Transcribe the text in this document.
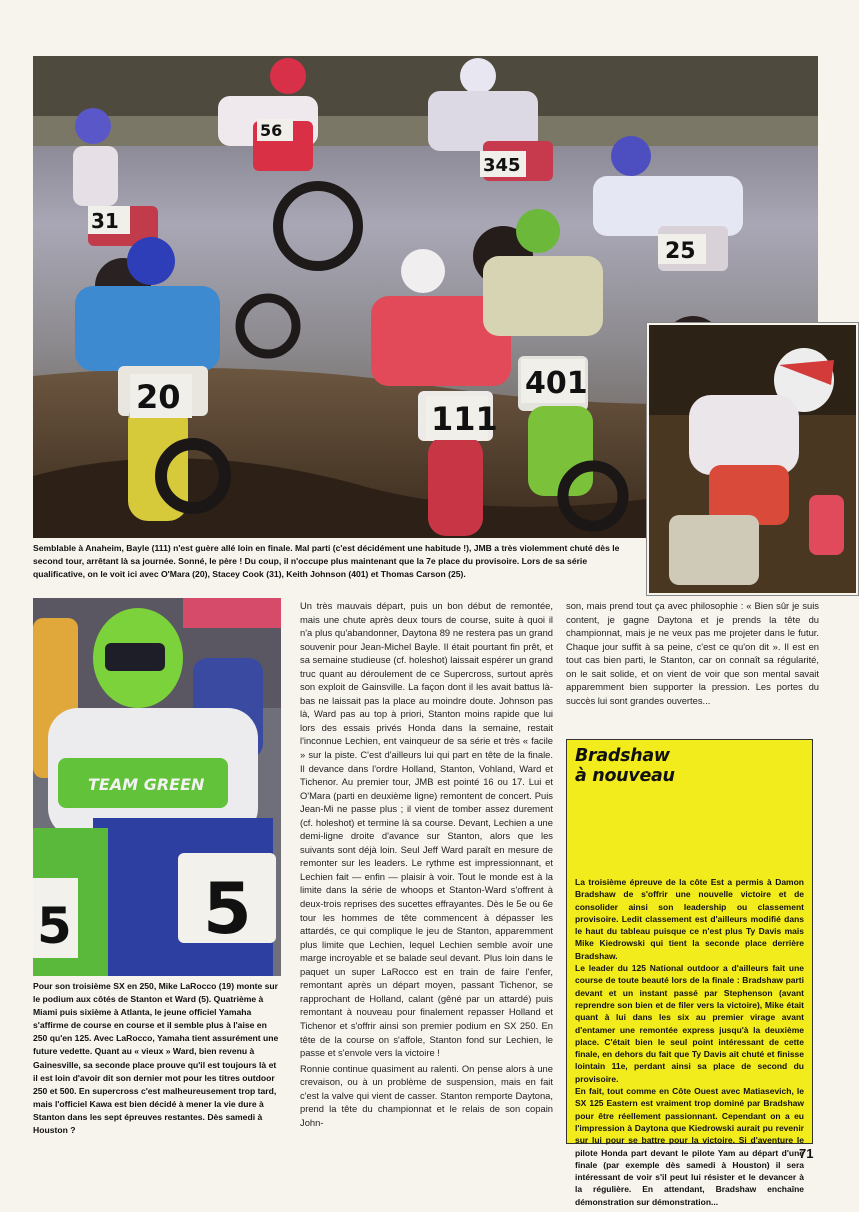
31
56
345
25
20
111
401

Semblable à Anaheim, Bayle (111) n'est guère allé loin en finale. Mal parti (c'est décidément une habitude !), JMB a très violemment chuté dès le second tour, arrêtant là sa journée. Sonné, le père ! Du coup, il n'occupe plus maintenant que la 7e place du provisoire. Lors de sa série qualificative, on le voit ici avec O'Mara (20), Stacey Cook (31), Keith Johnson (401) et Thomas Carson (25).

TEAM GREEN
5
5

Pour son troisième SX en 250, Mike LaRocco (19) monte sur le podium aux côtés de Stanton et Ward (5). Quatrième à Miami puis sixième à Atlanta, le jeune officiel Yamaha s'affirme de course en course et il semble plus à l'aise en 250 qu'en 125. Avec LaRocco, Yamaha tient assurément une future vedette. Quant au « vieux » Ward, bien revenu à Gainesville, sa seconde place prouve qu'il est toujours là et il est loin d'avoir dit son dernier mot pour les titres outdoor 250 et 500. En supercross c'est malheureusement trop tard, mais l'officiel Kawa est bien décidé à mener la vie dure à Stanton dans les sept épreuves restantes. Dès samedi à Houston ?

Un très mauvais départ, puis un bon début de remontée, mais une chute après deux tours de course, suite à quoi il n'a plus qu'abandonner, Daytona 89 ne restera pas un grand souvenir pour Jean-Michel Bayle. Il était pourtant fin prêt, et sa semaine studieuse (cf. holeshot) laissait espérer un grand truc quant au déroulement de ce Supercross, surtout après son exploit de Gainsville. La façon dont il les avait battus là-bas ne laissait pas la place au moindre doute. Johnson pas là, Ward pas au top à priori, Stanton moins rapide que lui lors des essais privés Honda dans la semaine, restait l'inconnue Lechien, ent vainqueur de sa série et très « facile » sur la piste. C'est d'ailleurs lui qui part en tête de la finale. Il devance dans l'ordre Holland, Stanton, Vohland, Ward et Tichenor. Au premier tour, JMB est pointé 16 ou 17. Lui et O'Mara (parti en deuxième ligne) remontent de concert. Puis Jean-Mi ne passe plus ; il vient de tomber assez durement (cf. holeshot) et termine là sa course. Devant, Lechien a une demi-ligne droite d'avance sur Stanton, alors que les suivants sont déjà loin. Seul Jeff Ward paraît en mesure de remonter sur les leaders. Le rythme est impressionnant, et Lechien fait — enfin — plaisir à voir. Tout le monde est à la limite dans la série de whoops et Stanton-Ward s'offrent à deux-trois reprises des sucettes effrayantes. Dès le 5e ou 6e tour les hommes de tête commencent à dépasser les attardés, ce qui complique le jeu de Stanton, apparemment plus limite que Lechien, lequel Lechien semble avoir une marge incroyable et se balade seul devant. Plus loin dans le paquet un super LaRocco est en train de faire l'enfer, remontant après un départ moyen, passant Tichenor, se rapprochant de Holland, calant (gêné par un attardé) puis remontant à nouveau pour finalement repasser Holland et Tichenor et s'offrir ainsi son premier podium en SX 250. En tête de la course on s'affole, Stanton fond sur Lechien, le passe et s'envole vers la victoire !

Ronnie continue quasiment au ralenti. On pense alors à une crevaison, ou à un problème de suspension, mais en fait c'est la valve qui vient de casser. Stanton remporte Daytona, prend la tête du championnat et le relais de son copain John-

son, mais prend tout ça avec philosophie : « Bien sûr je suis content, je gagne Daytona et je prends la tête du championnat, mais je ne veux pas me projeter dans le futur. Chaque jour suffit à sa peine, c'est ce qu'on dit ». Il est en tout cas bien parti, le Stanton, car on connaît sa régularité, on le sait solide, et on vient de voir que son mental savait apparemment bien supporter la pression. Les portes du succès lui sont grandes ouvertes...

Bradshaw
à nouveau

La troisième épreuve de la côte Est a permis à Damon Bradshaw de s'offrir une nouvelle victoire et de consolider ainsi son leadership ou classement provisoire. Ledit classement est d'ailleurs modifié dans le haut du tableau puisque ce n'est plus Ty Davis mais Mike Kiedrowski qui tient la seconde place derrière Bradshaw.

Le leader du 125 National outdoor a d'ailleurs fait une course de toute beauté lors de la finale : Bradshaw parti devant et un instant passé par Stephenson (avant reprendre son bien et de filer vers la victoire), Mike était quant à lui dans les six au premier virage avant d'entamer une remontée express jusqu'à la deuxième place. C'était bien le seul point intéressant de cette finale, en dehors du fait que Ty Davis ait chuté et finisse lointain 11e, perdant ainsi sa place de second du provisoire.

En fait, tout comme en Côte Ouest avec Matiasevich, le SX 125 Eastern est vraiment trop dominé par Bradshaw pour être réellement passionnant. Cependant on a eu l'impression à Daytona que Kiedrowski aurait pu revenir sur lui pour se battre pour la victoire. Si d'aventure le pilote Honda part devant le pilote Yam au départ d'une finale (par exemple dès samedi à Houston) il sera intéressant de voir s'il peut lui résister et le devancer à la régulière. En attendant, Bradshaw enchaîne démonstration sur démonstration...

71
